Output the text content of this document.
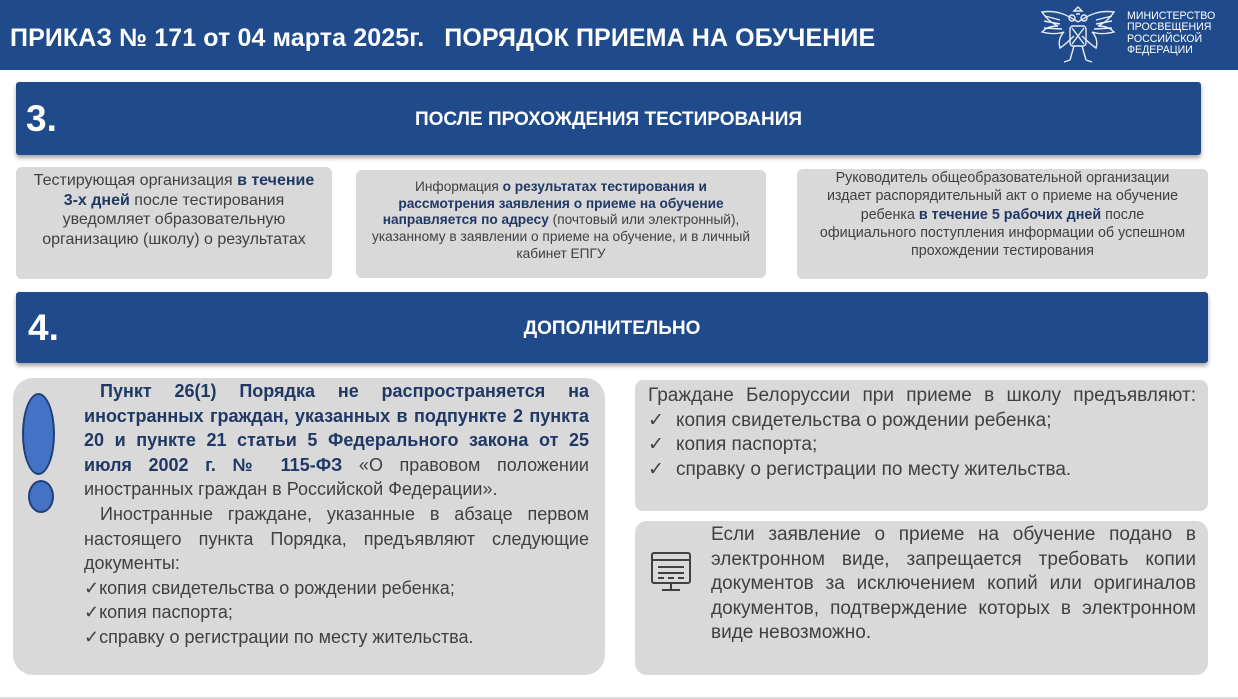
ПРИКАЗ № 171 от 04 марта 2025г. ПОРЯДОК ПРИЕМА НА ОБУЧЕНИЕ
МИНИСТЕРСТВО
ПРОСВЕЩЕНИЯ
РОССИЙСКОЙ
ФЕДЕРАЦИИ
3.	ПОСЛЕ ПРОХОЖДЕНИЯ ТЕСТИРОВАНИЯ
Тестирующая организация в течение 3-х дней после тестирования уведомляет образовательную организацию (школу) о результатах
Информация о результатах тестирования и рассмотрения заявления о приеме на обучение направляется по адресу (почтовый или электронный), указанному в заявлении о приеме на обучение, и в личный кабинет ЕПГУ
Руководитель общеобразовательной организации издает распорядительный акт о приеме на обучение ребенка в течение 5 рабочих дней после официального поступления информации об успешном прохождении тестирования
4.	ДОПОЛНИТЕЛЬНО

Пункт 26(1) Порядка не распространяется на иностранных граждан, указанных в подпункте 2 пункта 20 и пункте 21 статьи 5 Федерального закона от 25 июля 2002 г. № 115-ФЗ «О правовом положении иностранных граждан в Российской Федерации».

Иностранные граждане, указанные в абзаце первом настоящего пункта Порядка, предъявляют следующие документы:

✓копия свидетельства о рождении ребенка;
✓копия паспорта;
✓справку о регистрации по месту жительства.

Граждане Белоруссии при приеме в школу предъявляют:

✓ копия свидетельства о рождении ребенка;
✓ копия паспорта;
✓ справку о регистрации по месту жительства.
Если заявление о приеме на обучение подано в электронном виде, запрещается требовать копии документов за исключением копий или оригиналов документов, подтверждение которых в электронном виде невозможно.
